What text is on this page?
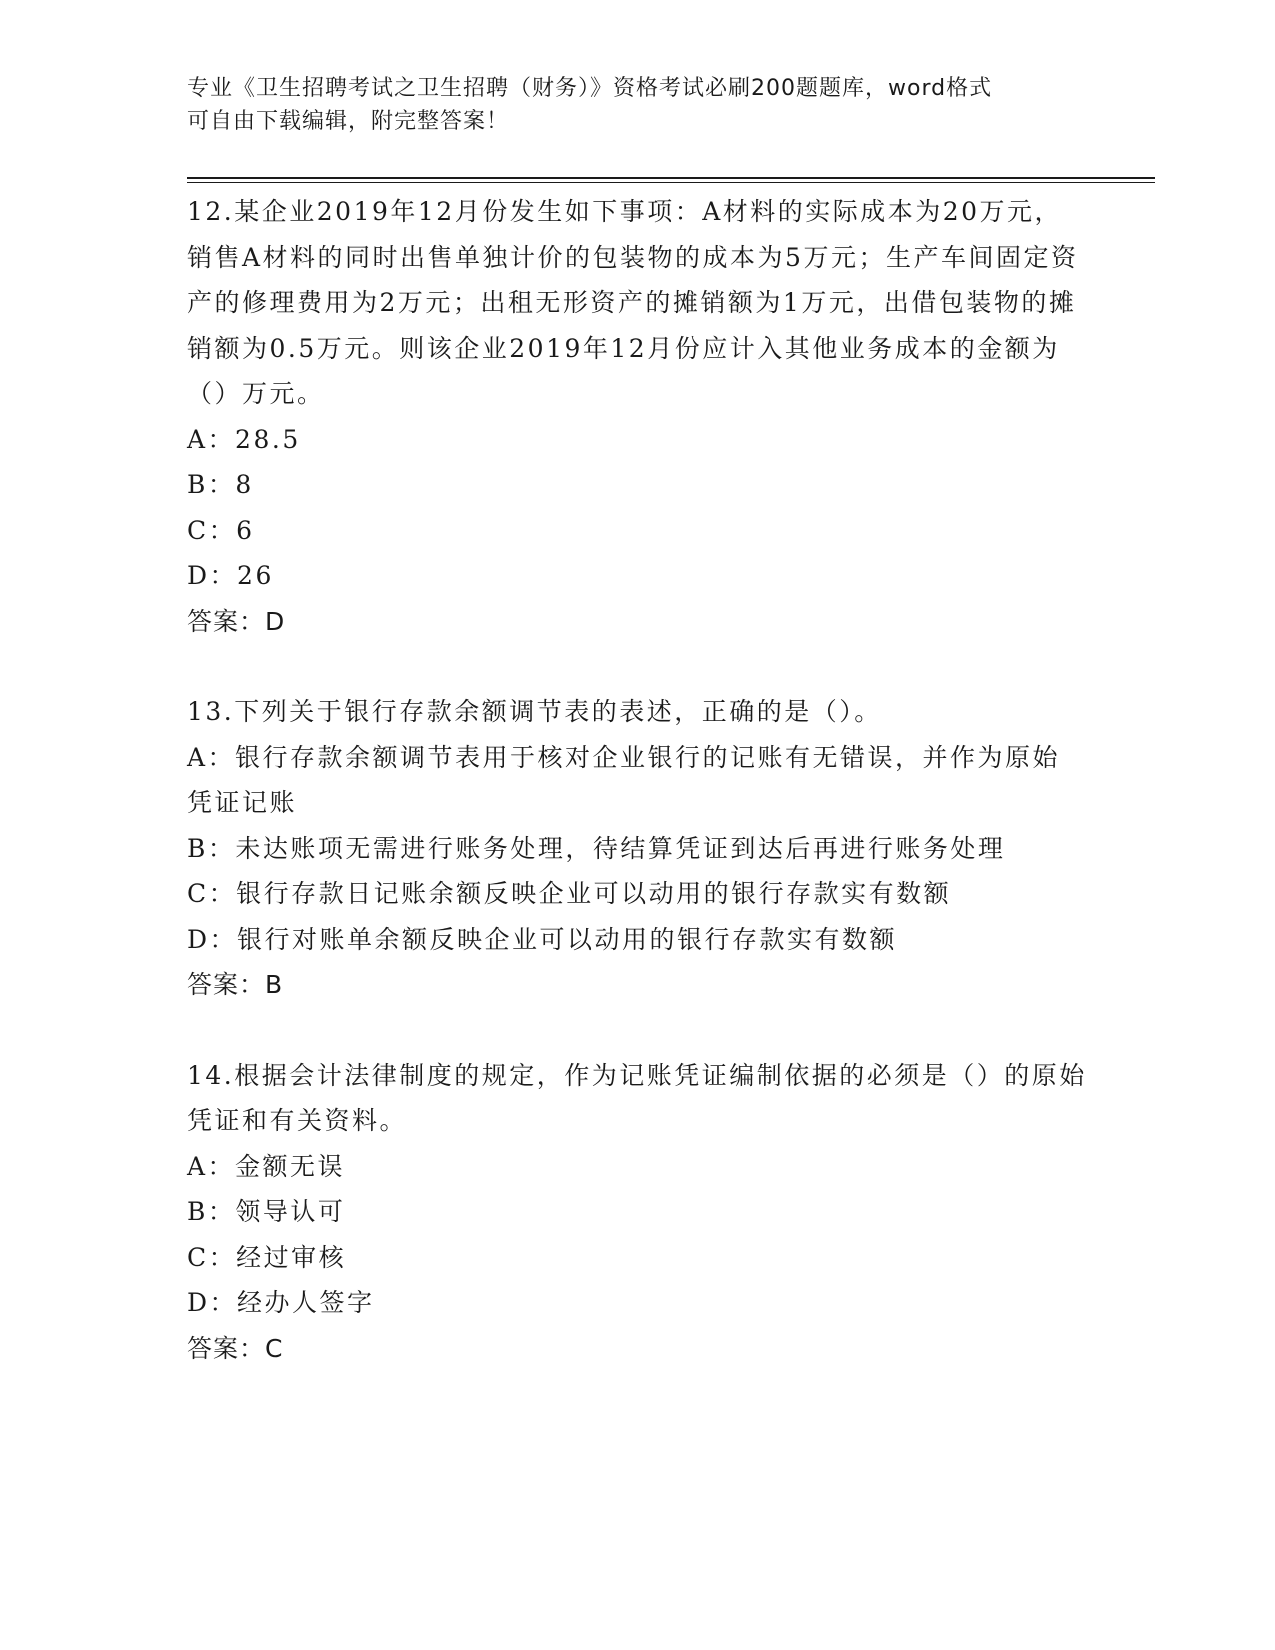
专业《卫生招聘考试之卫生招聘（财务）》资格考试必刷200题题库，word格式
可自由下载编辑，附完整答案！

12.某企业2019年12月份发生如下事项：A材料的实际成本为20万元，销售A材料的同时出售单独计价的包装物的成本为5万元；生产车间固定资产的修理费用为2万元；出租无形资产的摊销额为1万元，出借包装物的摊销额为0.5万元。则该企业2019年12月份应计入其他业务成本的金额为（）万元。

A：28.5

B：8

C：6

D：26

答案：D

13.下列关于银行存款余额调节表的表述，正确的是（）。

A：银行存款余额调节表用于核对企业银行的记账有无错误，并作为原始凭证记账

B：未达账项无需进行账务处理，待结算凭证到达后再进行账务处理

C：银行存款日记账余额反映企业可以动用的银行存款实有数额

D：银行对账单余额反映企业可以动用的银行存款实有数额

答案：B

14.根据会计法律制度的规定，作为记账凭证编制依据的必须是（）的原始凭证和有关资料。

A：金额无误

B：领导认可

C：经过审核

D：经办人签字

答案：C
